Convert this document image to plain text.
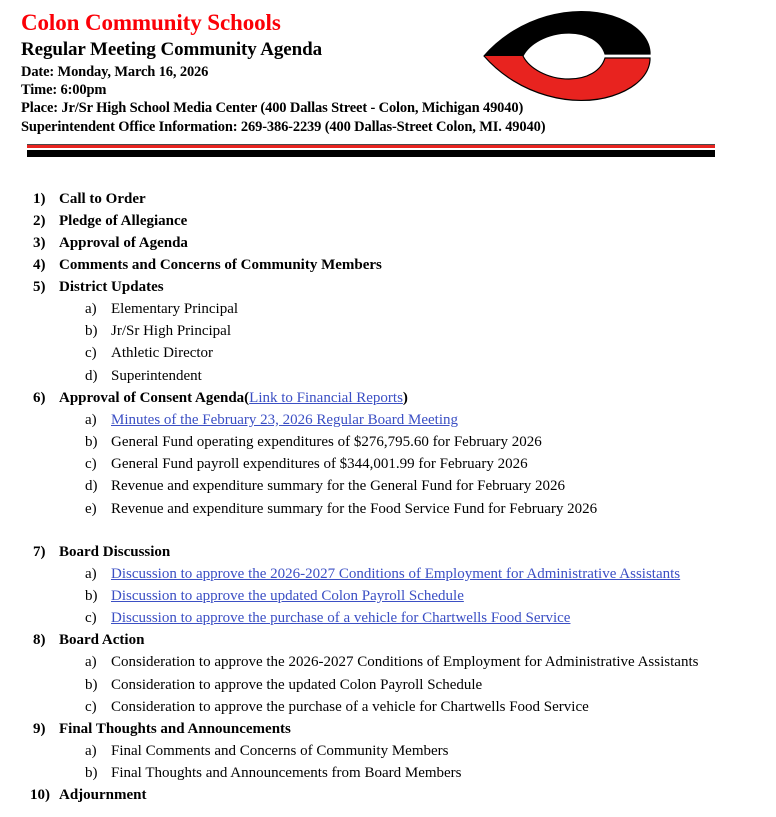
Colon Community Schools
Regular Meeting Community Agenda
Date: Monday, March 16, 2026
Time: 6:00pm
Place: Jr/Sr High School Media Center (400 Dallas Street - Colon, Michigan 49040)
Superintendent Office Information: 269-386-2239 (400 Dallas-Street Colon, MI. 49040)
1) Call to Order
2) Pledge of Allegiance
3) Approval of Agenda
4) Comments and Concerns of Community Members
5) District Updates
a) Elementary Principal
b) Jr/Sr High Principal
c) Athletic Director
d) Superintendent
6) Approval of Consent Agenda ( Link to Financial Reports )
a) Minutes of the February 23, 2026 Regular Board Meeting
b) General Fund operating expenditures of $276,795.60 for February 2026
c) General Fund payroll expenditures of $344,001.99 for February 2026
d) Revenue and expenditure summary for the General Fund for February 2026
e) Revenue and expenditure summary for the Food Service Fund for February 2026
7) Board Discussion
a) Discussion to approve the 2026-2027 Conditions of Employment for Administrative Assistants
b) Discussion to approve the updated Colon Payroll Schedule
c) Discussion to approve the purchase of a vehicle for Chartwells Food Service
8) Board Action
a) Consideration to approve the 2026-2027 Conditions of Employment for Administrative Assistants
b) Consideration to approve the updated Colon Payroll Schedule
c) Consideration to approve the purchase of a vehicle for Chartwells Food Service
9) Final Thoughts and Announcements
a) Final Comments and Concerns of Community Members
b) Final Thoughts and Announcements from Board Members
10) Adjournment
